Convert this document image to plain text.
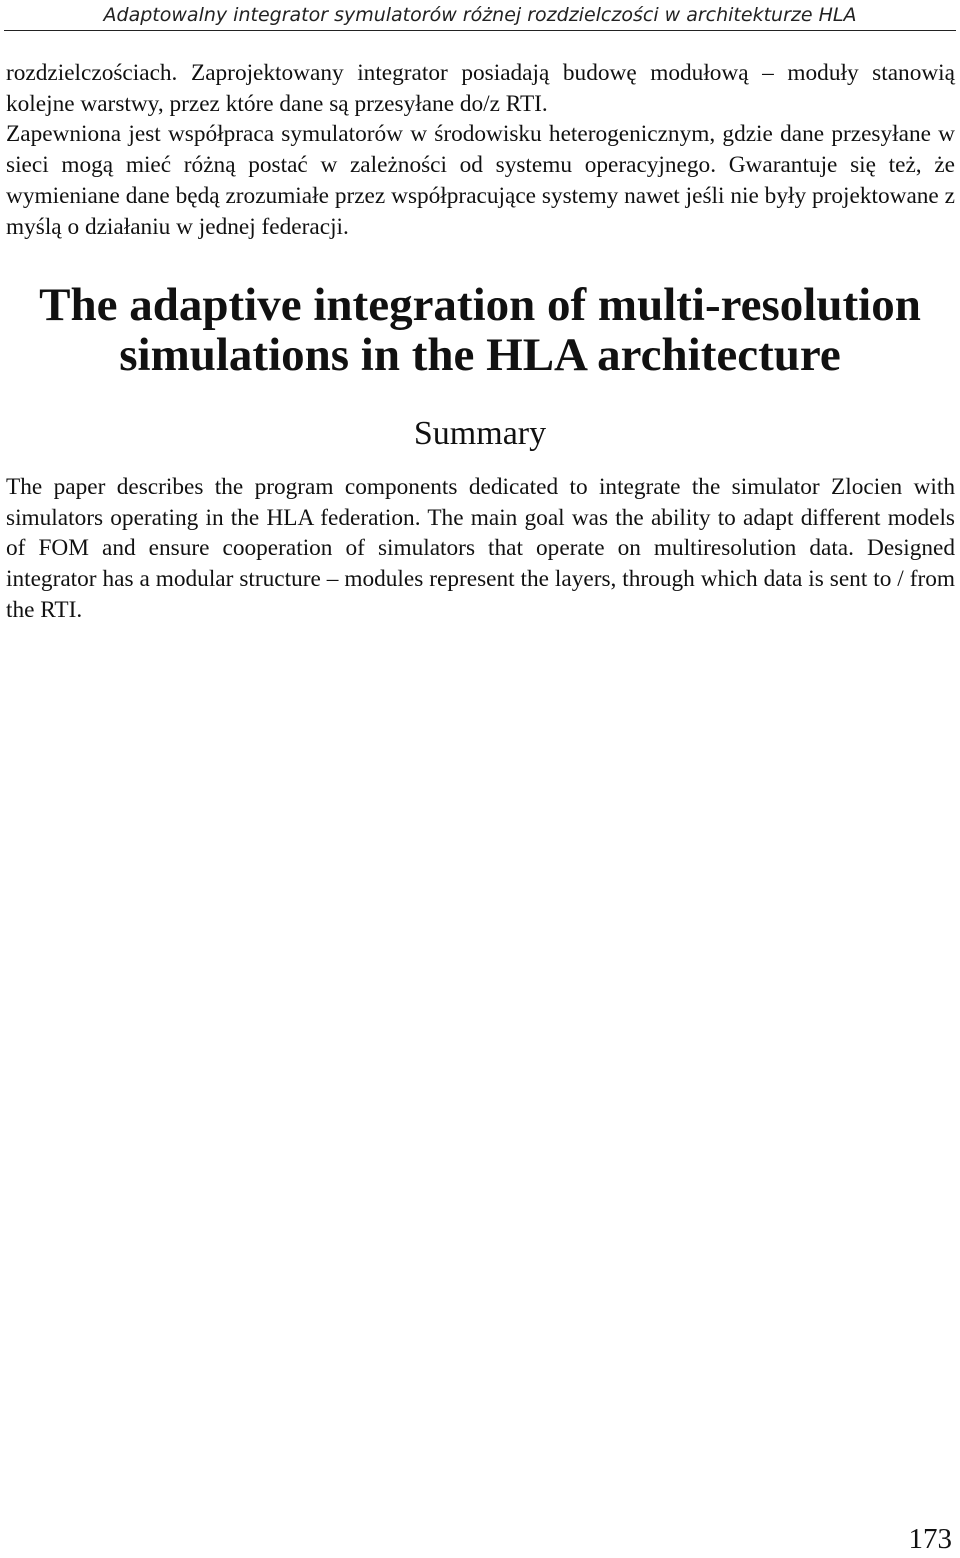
Adaptowalny integrator symulatorów różnej rozdzielczości w architekturze HLA

rozdzielczościach. Zaprojektowany integrator posiadają budowę modułową – moduły stanowią kolejne warstwy, przez które dane są przesyłane do/z RTI.

Zapewniona jest współpraca symulatorów w środowisku heterogenicznym, gdzie dane przesyłane w sieci mogą mieć różną postać w zależności od systemu operacyjnego. Gwarantuje się też, że wymieniane dane będą zrozumiałe przez współpracujące systemy nawet jeśli nie były projektowane z myślą o działaniu w jednej federacji.

The adaptive integration of multi-resolution
simulations in the HLA architecture
Summary

The paper describes the program components dedicated to integrate the simulator Zlocien with simulators operating in the HLA federation. The main goal was the ability to adapt different models of FOM and ensure cooperation of simulators that operate on multiresolution data. Designed integrator has a modular structure – modules represent the layers, through which data is sent to / from the RTI.

173
